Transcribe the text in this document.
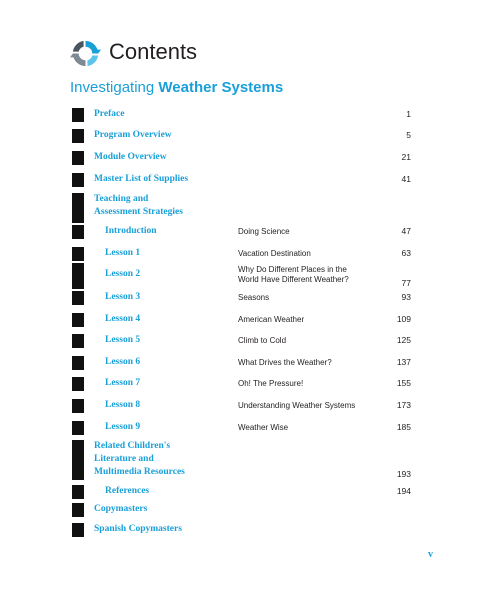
Contents
Investigating Weather Systems
Preface	1
Program Overview	5
Module Overview	21
Master List of Supplies	41
Teaching and
Assessment Strategies
Introduction	Doing Science	47
Lesson 1	Vacation Destination	63
Lesson 2	Why Do Different Places in the
World Have Different Weather?	77
Lesson 3	Seasons	93
Lesson 4	American Weather	109
Lesson 5	Climb to Cold	125
Lesson 6	What Drives the Weather?	137
Lesson 7	Oh! The Pressure!	155
Lesson 8	Understanding Weather Systems	173
Lesson 9	Weather Wise	185
Related Children's
Literature and
Multimedia Resources	193
References	194
Copymasters
Spanish Copymasters
v
